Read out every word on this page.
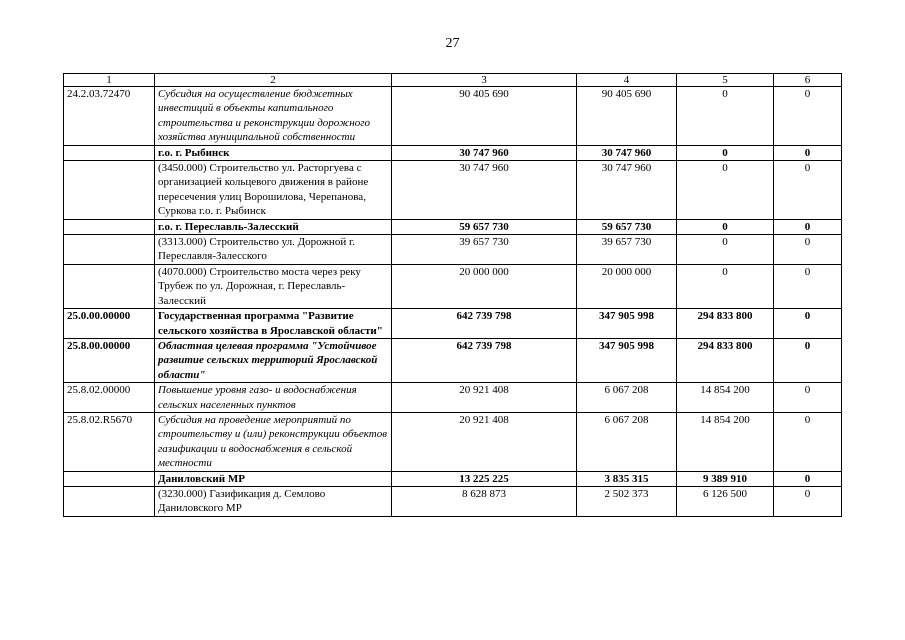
27
1	2	3	4	5	6
24.2.03.72470	Субсидия на осуществление бюджетных инвестиций в объекты капитального строительства и реконструкции дорожного хозяйства муниципальной собственности	90 405 690	90 405 690	0	0
	г.о. г. Рыбинск	30 747 960	30 747 960	0	0
	(3450.000) Строительство ул. Расторгуева с организацией кольцевого движения в районе пересечения улиц Ворошилова, Черепанова, Суркова г.о. г. Рыбинск	30 747 960	30 747 960	0	0
	г.о. г. Переславль-Залесский	59 657 730	59 657 730	0	0
	(3313.000) Строительство ул. Дорожной г. Переславля-Залесского	39 657 730	39 657 730	0	0
	(4070.000) Строительство моста через реку Трубеж по ул. Дорожная, г. Переславль-Залесский	20 000 000	20 000 000	0	0
25.0.00.00000	Государственная программа "Развитие сельского хозяйства в Ярославской области"	642 739 798	347 905 998	294 833 800	0
25.8.00.00000	Областная целевая программа "Устойчивое развитие сельских территорий Ярославской области"	642 739 798	347 905 998	294 833 800	0
25.8.02.00000	Повышение уровня газо- и водоснабжения сельских населенных пунктов	20 921 408	6 067 208	14 854 200	0
25.8.02.R5670	Субсидия на проведение мероприятий по строительству и (или) реконструкции объектов газификации и водоснабжения в сельской местности	20 921 408	6 067 208	14 854 200	0
	Даниловский МР	13 225 225	3 835 315	9 389 910	0
	(3230.000) Газификация д. Семлово Даниловского МР	8 628 873	2 502 373	6 126 500	0
